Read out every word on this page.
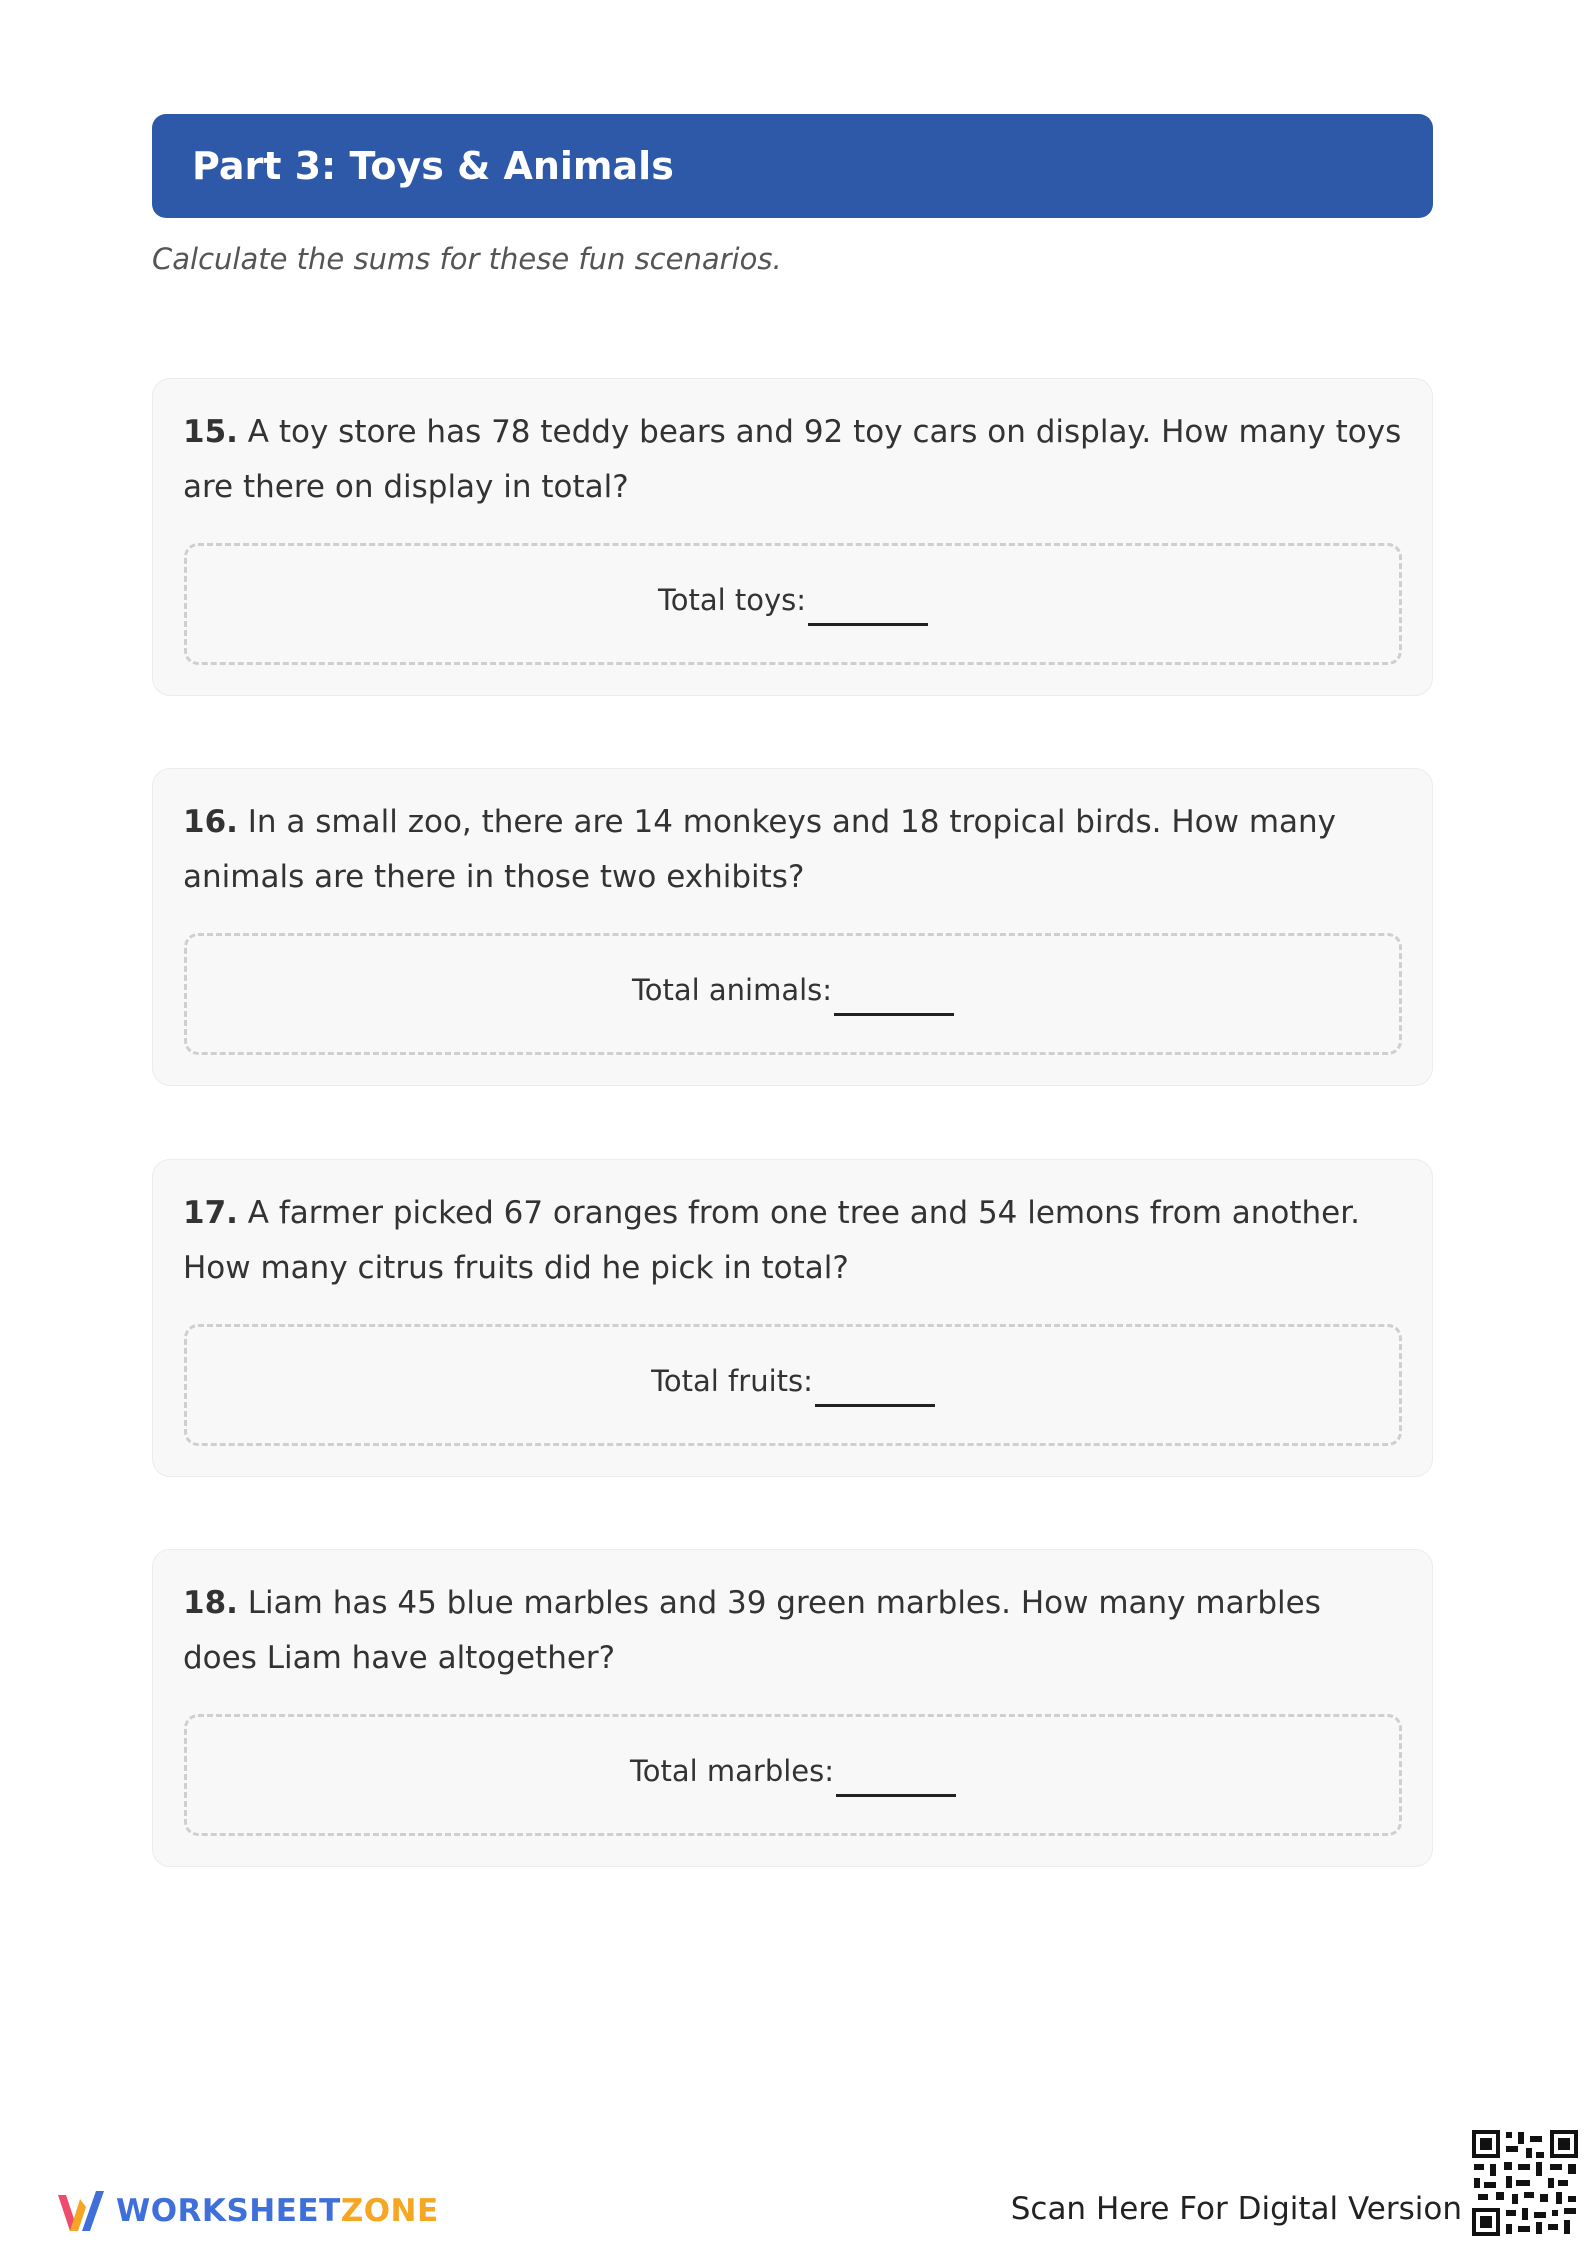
Part 3: Toys & Animals
Calculate the sums for these fun scenarios.
15. A toy store has 78 teddy bears and 92 toy cars on display. How many toys are there on display in total?
Total toys:
16. In a small zoo, there are 14 monkeys and 18 tropical birds. How many animals are there in those two exhibits?
Total animals:
17. A farmer picked 67 oranges from one tree and 54 lemons from another. How many citrus fruits did he pick in total?
Total fruits:
18. Liam has 45 blue marbles and 39 green marbles. How many marbles does Liam have altogether?
Total marbles:
WORKSHEETZONE	Scan Here For Digital Version
